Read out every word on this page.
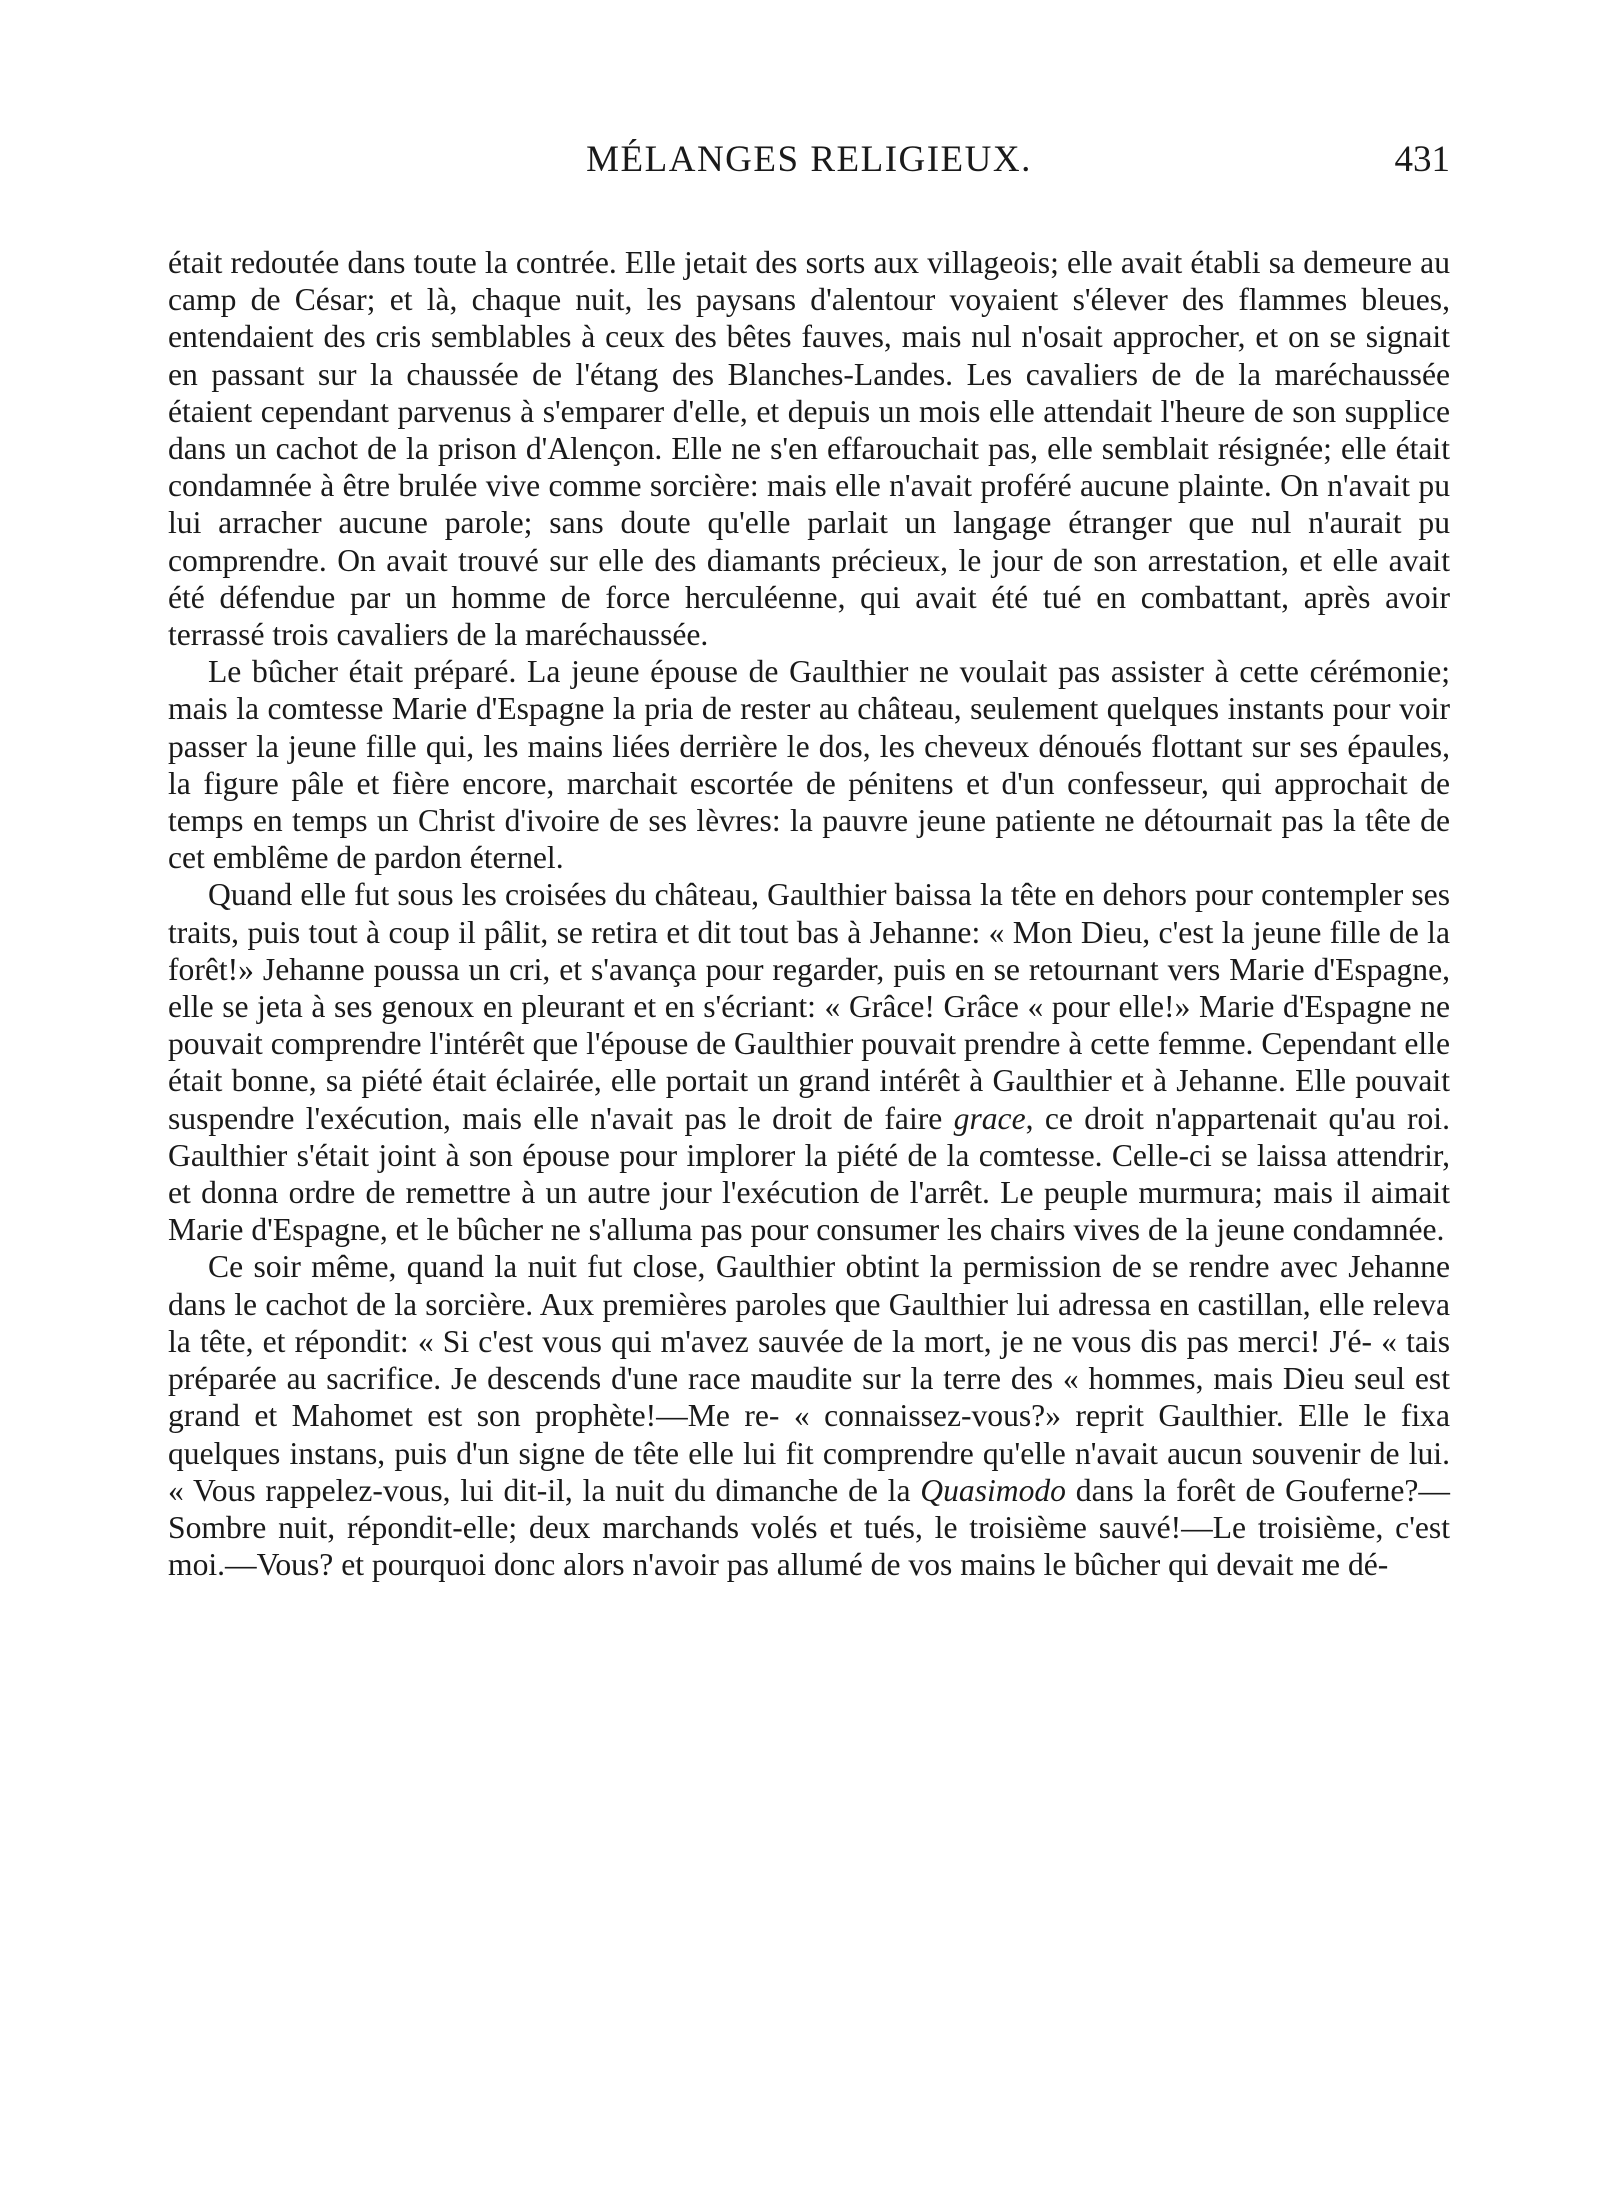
MÉLANGES RELIGIEUX.	431

était redoutée dans toute la contrée. Elle jetait des sorts aux villageois; elle avait établi sa demeure au camp de César; et là, chaque nuit, les paysans d'alentour voyaient s'élever des flammes bleues, entendaient des cris semblables à ceux des bêtes fauves, mais nul n'osait approcher, et on se signait en passant sur la chaussée de l'étang des Blanches-Landes. Les cavaliers de de la maréchaussée étaient cependant parvenus à s'emparer d'elle, et depuis un mois elle attendait l'heure de son supplice dans un cachot de la prison d'Alençon. Elle ne s'en effarouchait pas, elle semblait résignée; elle était condamnée à être brulée vive comme sorcière: mais elle n'avait proféré aucune plainte. On n'avait pu lui arracher aucune parole; sans doute qu'elle parlait un langage étranger que nul n'aurait pu comprendre. On avait trouvé sur elle des diamants précieux, le jour de son arrestation, et elle avait été défendue par un homme de force herculéenne, qui avait été tué en combattant, après avoir terrassé trois cavaliers de la maréchaussée.

Le bûcher était préparé. La jeune épouse de Gaulthier ne voulait pas assister à cette cérémonie; mais la comtesse Marie d'Espagne la pria de rester au château, seulement quelques instants pour voir passer la jeune fille qui, les mains liées derrière le dos, les cheveux dénoués flottant sur ses épaules, la figure pâle et fière encore, marchait escortée de pénitens et d'un confesseur, qui approchait de temps en temps un Christ d'ivoire de ses lèvres: la pauvre jeune patiente ne détournait pas la tête de cet emblême de pardon éternel.

Quand elle fut sous les croisées du château, Gaulthier baissa la tête en dehors pour contempler ses traits, puis tout à coup il pâlit, se retira et dit tout bas à Jehanne: « Mon Dieu, c'est la jeune fille de la forêt!» Jehanne poussa un cri, et s'avança pour regarder, puis en se retournant vers Marie d'Espagne, elle se jeta à ses genoux en pleurant et en s'écriant: « Grâce! Grâce « pour elle!» Marie d'Espagne ne pouvait comprendre l'intérêt que l'épouse de Gaulthier pouvait prendre à cette femme. Cependant elle était bonne, sa piété était éclairée, elle portait un grand intérêt à Gaulthier et à Jehanne. Elle pouvait suspendre l'exécution, mais elle n'avait pas le droit de faire grace, ce droit n'appartenait qu'au roi. Gaulthier s'était joint à son épouse pour implorer la piété de la comtesse. Celle-ci se laissa attendrir, et donna ordre de remettre à un autre jour l'exécution de l'arrêt. Le peuple murmura; mais il aimait Marie d'Espagne, et le bûcher ne s'alluma pas pour consumer les chairs vives de la jeune condamnée.

Ce soir même, quand la nuit fut close, Gaulthier obtint la permission de se rendre avec Jehanne dans le cachot de la sorcière. Aux premières paroles que Gaulthier lui adressa en castillan, elle releva la tête, et répondit: « Si c'est vous qui m'avez sauvée de la mort, je ne vous dis pas merci! J'é- « tais préparée au sacrifice. Je descends d'une race maudite sur la terre des « hommes, mais Dieu seul est grand et Mahomet est son prophète!—Me re- « connaissez-vous?» reprit Gaulthier. Elle le fixa quelques instans, puis d'un signe de tête elle lui fit comprendre qu'elle n'avait aucun souvenir de lui. « Vous rappelez-vous, lui dit-il, la nuit du dimanche de la Quasimodo dans la forêt de Gouferne?—Sombre nuit, répondit-elle; deux marchands volés et tués, le troisième sauvé!—Le troisième, c'est moi.—Vous? et pourquoi donc alors n'avoir pas allumé de vos mains le bûcher qui devait me dé-
